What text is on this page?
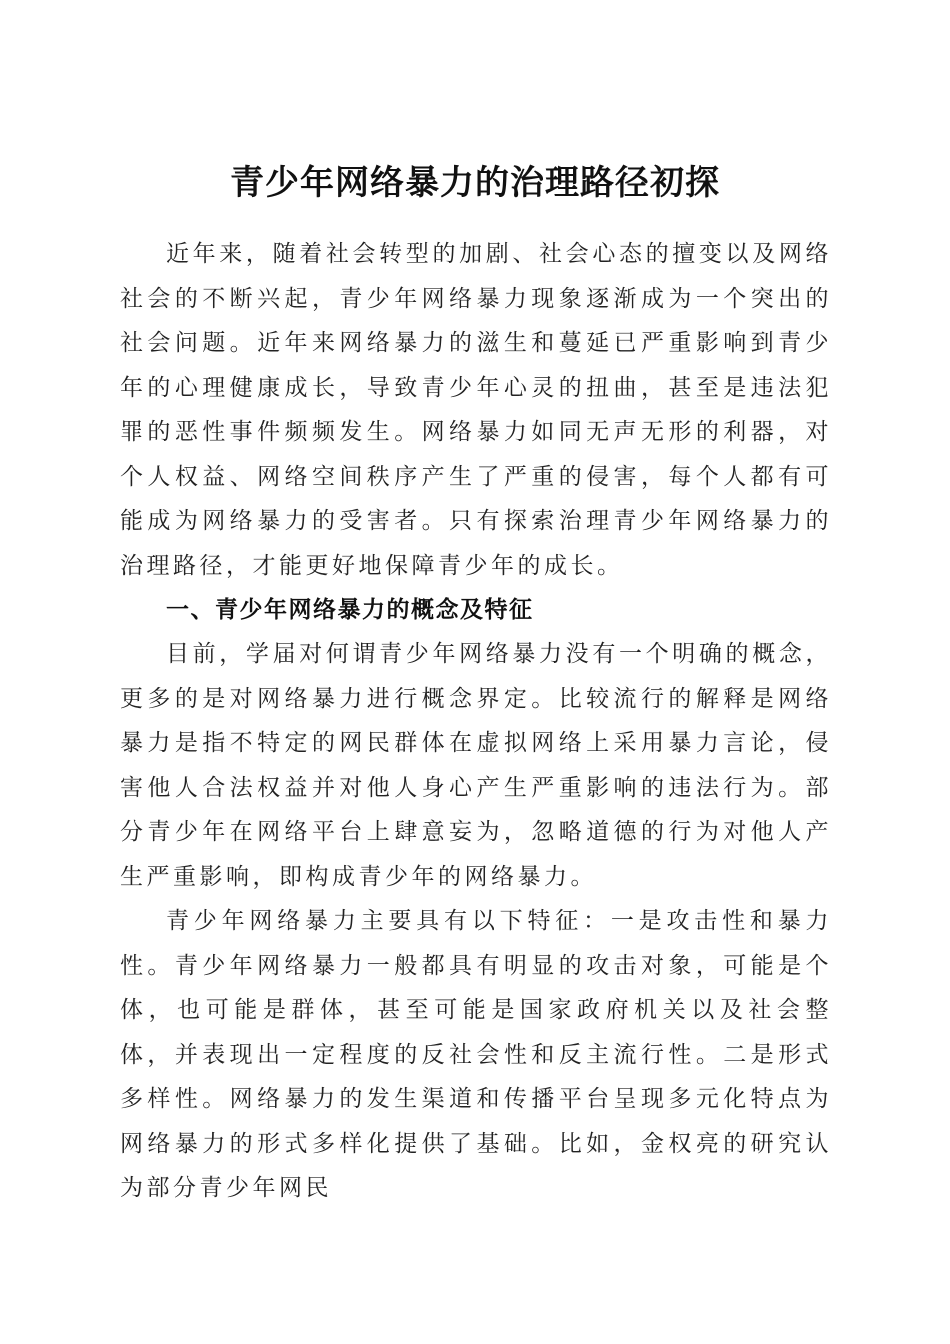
青少年网络暴力的治理路径初探

近年来，随着社会转型的加剧、社会心态的擅变以及网络社会的不断兴起，青少年网络暴力现象逐渐成为一个突出的社会问题。近年来网络暴力的滋生和蔓延已严重影响到青少年的心理健康成长，导致青少年心灵的扭曲，甚至是违法犯罪的恶性事件频频发生。网络暴力如同无声无形的利器，对个人权益、网络空间秩序产生了严重的侵害，每个人都有可能成为网络暴力的受害者。只有探索治理青少年网络暴力的治理路径，才能更好地保障青少年的成长。

一、青少年网络暴力的概念及特征

目前，学届对何谓青少年网络暴力没有一个明确的概念，更多的是对网络暴力进行概念界定。比较流行的解释是网络暴力是指不特定的网民群体在虚拟网络上采用暴力言论，侵害他人合法权益并对他人身心产生严重影响的违法行为。部分青少年在网络平台上肆意妄为，忽略道德的行为对他人产生严重影响，即构成青少年的网络暴力。

青少年网络暴力主要具有以下特征：一是攻击性和暴力性。青少年网络暴力一般都具有明显的攻击对象，可能是个体，也可能是群体，甚至可能是国家政府机关以及社会整体，并表现出一定程度的反社会性和反主流行性。二是形式多样性。网络暴力的发生渠道和传播平台呈现多元化特点为网络暴力的形式多样化提供了基础。比如，金权亮的研究认为部分青少年网民
